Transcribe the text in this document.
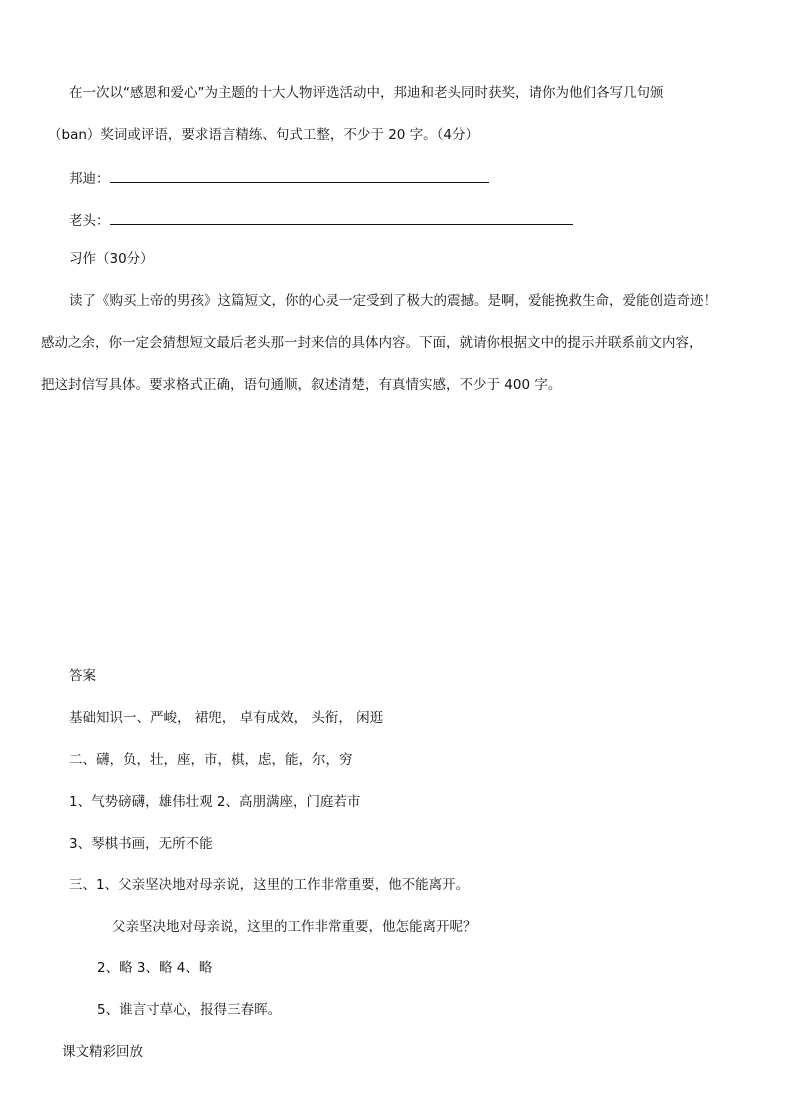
在一次以“感恩和爱心”为主题的十大人物评选活动中，邦迪和老头同时获奖，请你为他们各写几句颁
（ban）奖词或评语，要求语言精练、句式工整，不少于 20 字。（4分）
邦迪：
老头：
习作（30分）
读了《购买上帝的男孩》这篇短文，你的心灵一定受到了极大的震撼。是啊，爱能挽救生命，爱能创造奇迹！
感动之余，你一定会猜想短文最后老头那一封来信的具体内容。下面，就请你根据文中的提示并联系前文内容，
把这封信写具体。要求格式正确，语句通顺，叙述清楚，有真情实感，不少于 400 字。
答案
基础知识一、严峻， 裙兜， 卓有成效， 头衔， 闲逛
二、礴，负，壮，座，市，棋，虑，能，尔，穷
1、气势磅礴，雄伟壮观 2、高朋满座，门庭若市
3、琴棋书画，无所不能
三、1、父亲坚决地对母亲说，这里的工作非常重要，他不能离开。
父亲坚决地对母亲说，这里的工作非常重要，他怎能离开呢？
2、略 3、略 4、略
5、谁言寸草心，报得三春晖。
课文精彩回放
